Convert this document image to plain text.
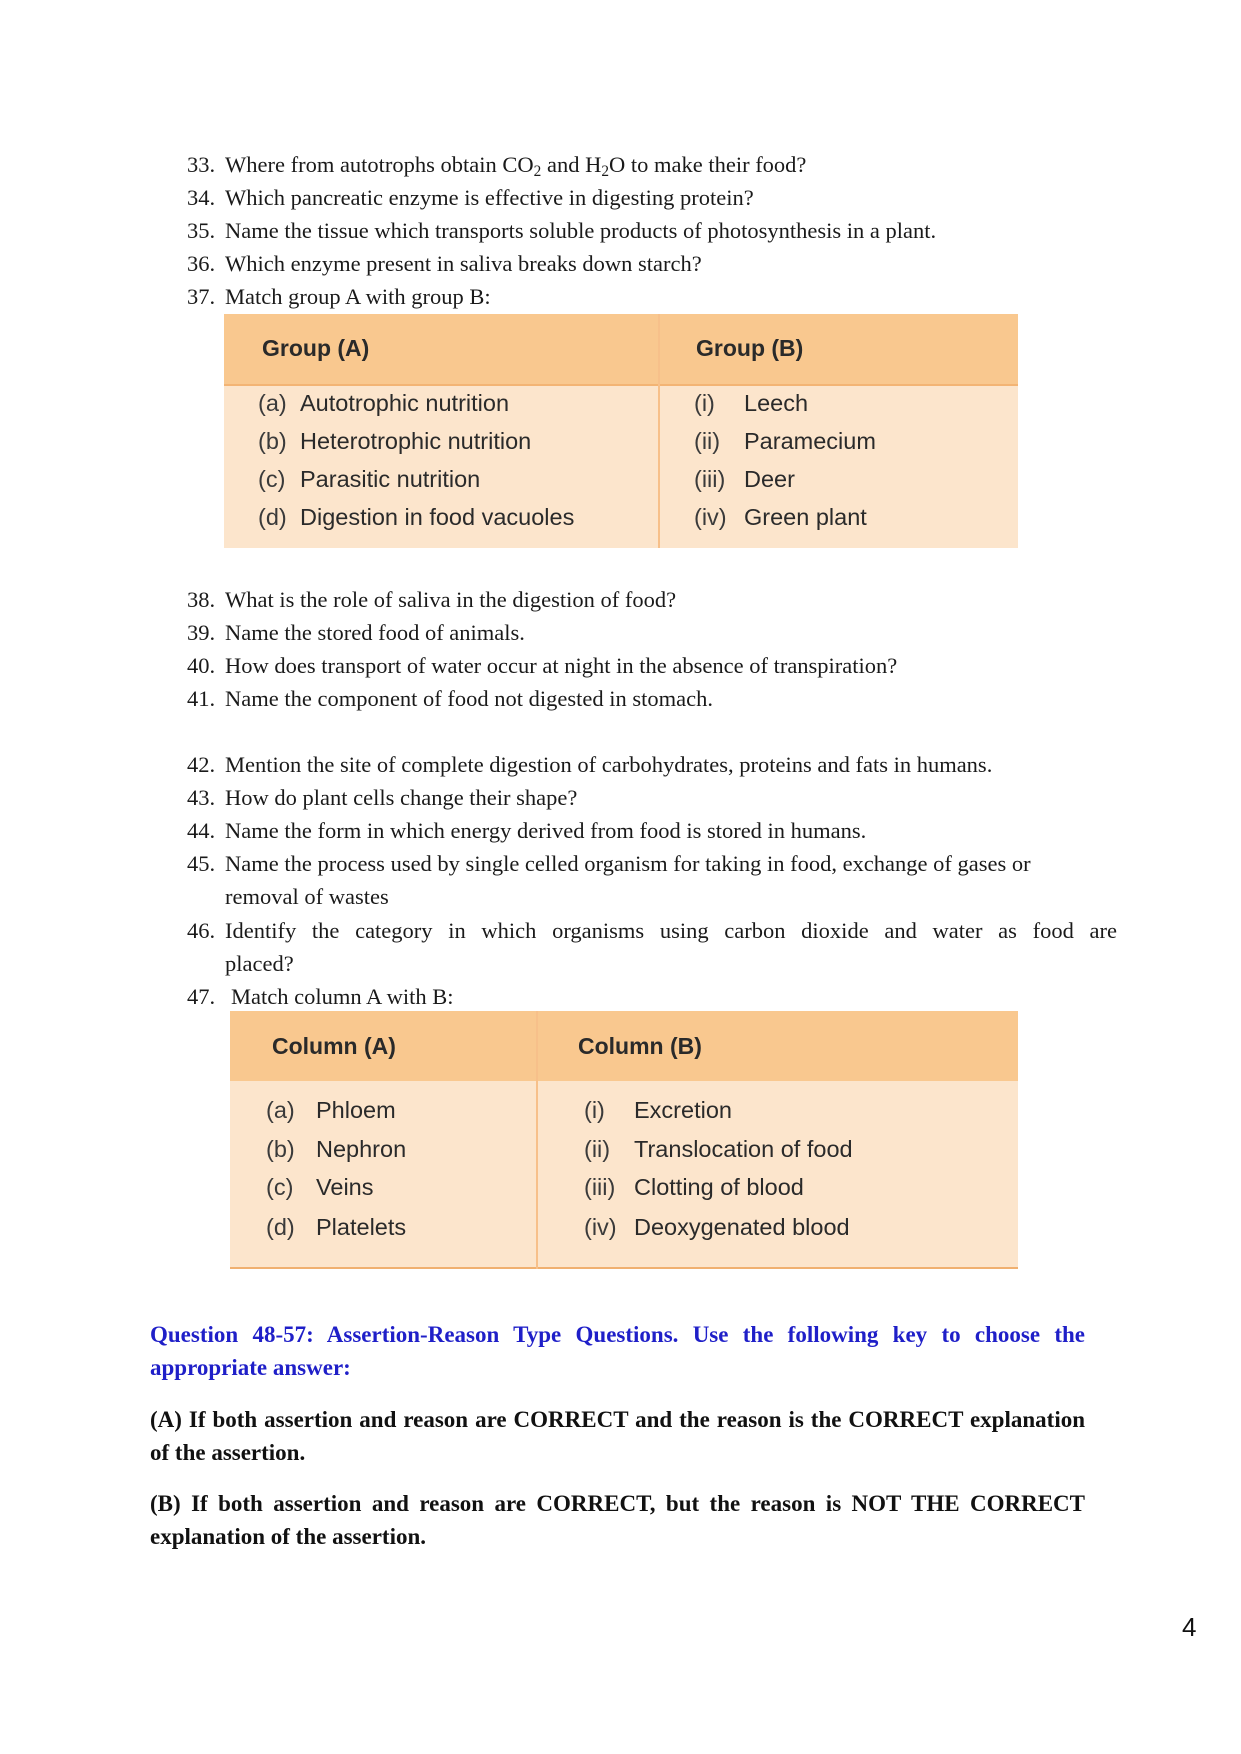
33. Where from autotrophs obtain $CO_2$ and $H_2O$ to make their food?
34. Which pancreatic enzyme is effective in digesting protein?
35. Name the tissue which transports soluble products of photosynthesis in a plant.
36. Which enzyme present in saliva breaks down starch?
37. Match group A with group B:
Group (A)	Group (B)
(a) Autotrophic nutrition
(b) Heterotrophic nutrition
(c) Parasitic nutrition
(d) Digestion in food vacuoles
(i) Leech
(ii) Paramecium
(iii) Deer
(iv) Green plant
38. What is the role of saliva in the digestion of food?
39. Name the stored food of animals.
40. How does transport of water occur at night in the absence of transpiration?
41. Name the component of food not digested in stomach.
42. Mention the site of complete digestion of carbohydrates, proteins and fats in humans.
43. How do plant cells change their shape?
44. Name the form in which energy derived from food is stored in humans.
45. Name the process used by single celled organism for taking in food, exchange of gases or
removal of wastes
46. Identify the category in which organisms using carbon dioxide and water as food are
placed?
47. Match column A with B:
Column (A)	Column (B)
(a) Phloem
(b) Nephron
(c) Veins
(d) Platelets
(i) Excretion
(ii) Translocation of food
(iii) Clotting of blood
(iv) Deoxygenated blood
Question 48-57: Assertion-Reason Type Questions. Use the following key to choose the appropriate answer:
(A) If both assertion and reason are CORRECT and the reason is the CORRECT explanation of the assertion.
(B) If both assertion and reason are CORRECT, but the reason is NOT THE CORRECT explanation of the assertion.
4
